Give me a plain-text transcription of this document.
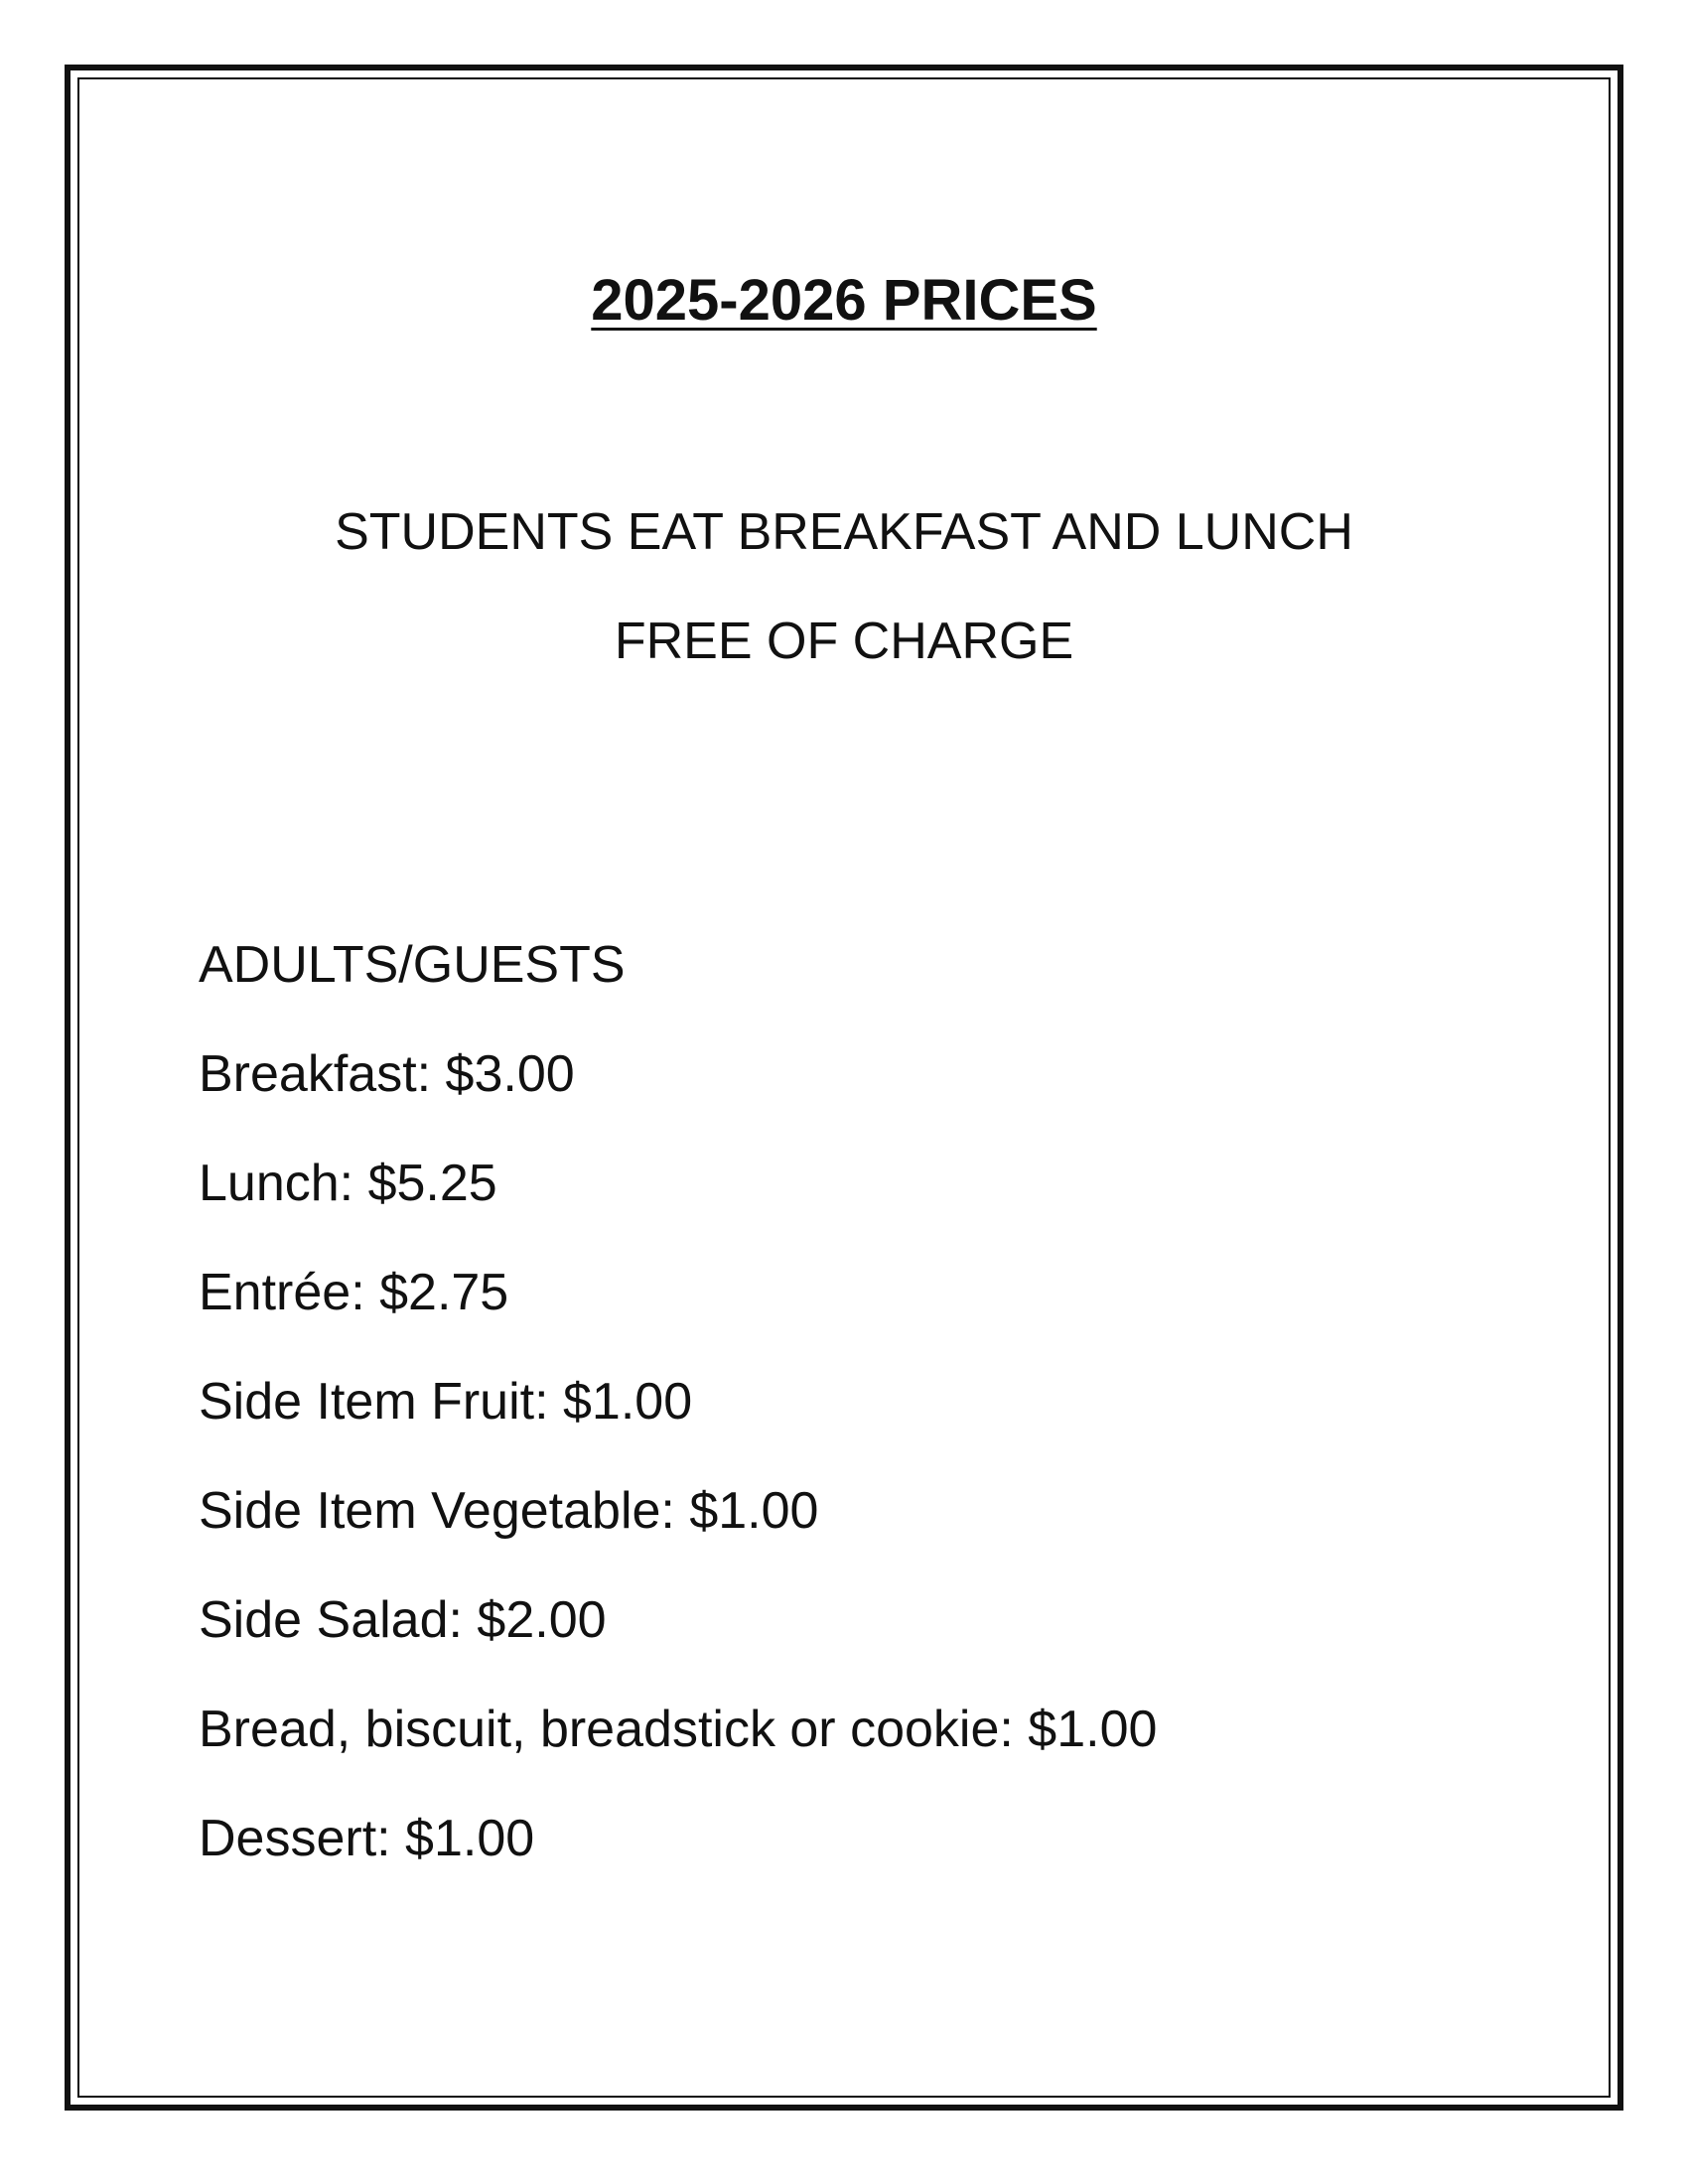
2025-2026 PRICES
STUDENTS EAT BREAKFAST AND LUNCH
FREE OF CHARGE
ADULTS/GUESTS
Breakfast: $3.00
Lunch: $5.25
Entrée: $2.75
Side Item Fruit: $1.00
Side Item Vegetable: $1.00
Side Salad: $2.00
Bread, biscuit, breadstick or cookie: $1.00
Dessert: $1.00
